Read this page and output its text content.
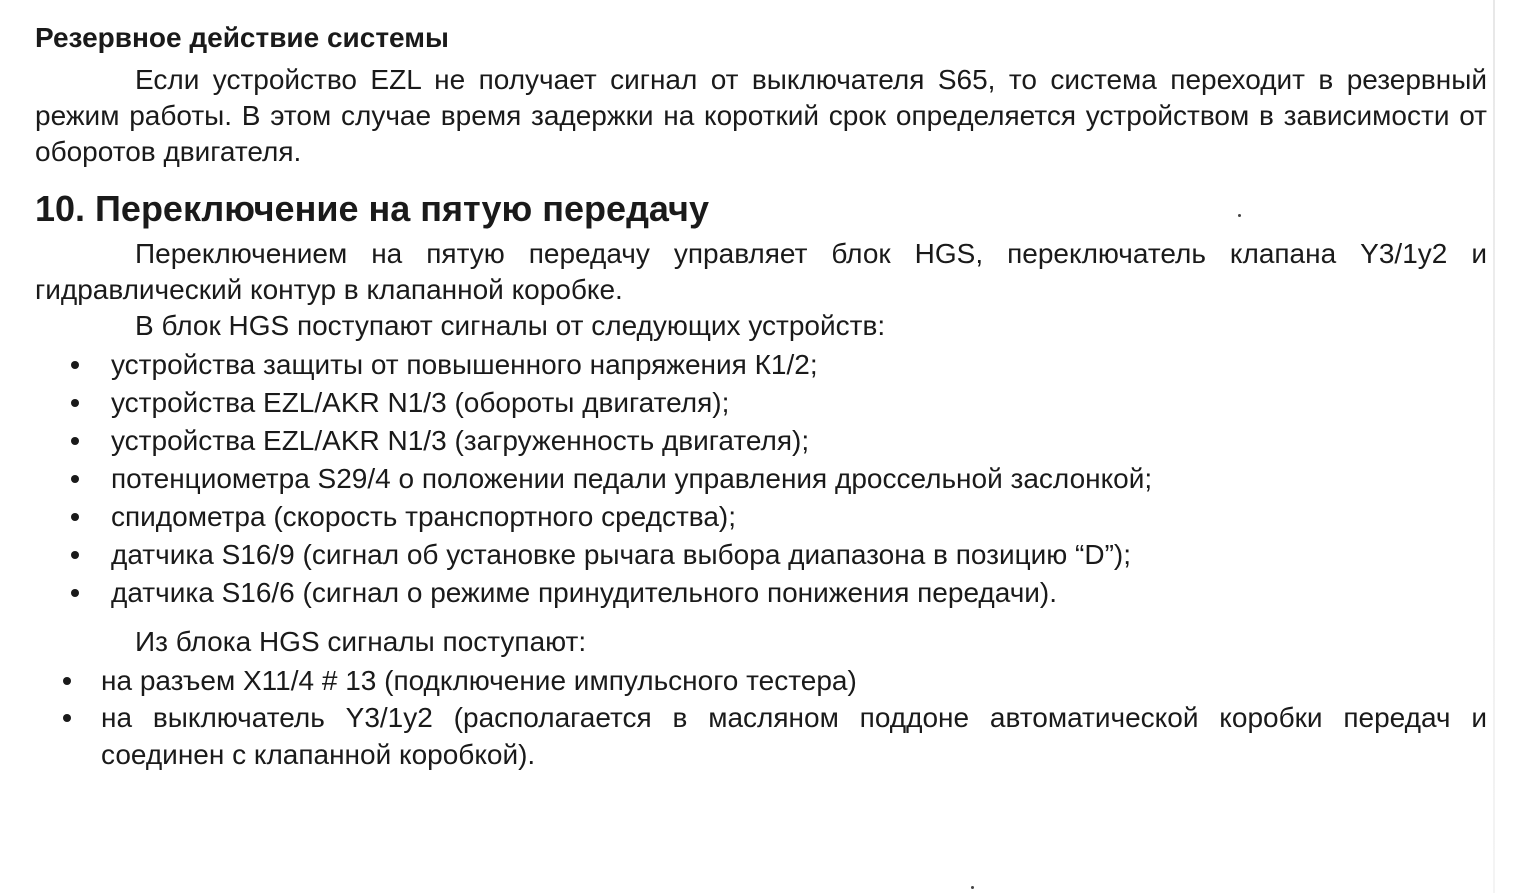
Резервное действие системы

Если устройство EZL не получает сигнал от выключателя S65, то система переходит в резервный режим работы. В этом случае время задержки на короткий срок определяется устройством в зависимости от оборотов двигателя.

10. Переключение на пятую передачу

Переключением на пятую передачу управляет блок HGS, переключатель клапана Y3/1y2 и гидравлический контур в клапанной коробке.

В блок HGS поступают сигналы от следующих устройств:

устройства защиты от повышенного напряжения К1/2;
устройства EZL/AKR N1/3 (обороты двигателя);
устройства EZL/AKR N1/3 (загруженность двигателя);
потенциометра S29/4 о положении педали управления дроссельной заслонкой;
спидометра (скорость транспортного средства);
датчика S16/9 (сигнал об установке рычага выбора диапазона в позицию “D”);
датчика S16/6 (сигнал о режиме принудительного понижения передачи).

Из блока HGS сигналы поступают:

на разъем X11/4 # 13 (подключение импульсного тестера)
на выключатель Y3/1y2 (располагается в масляном поддоне автоматической коробки передач и соединен с клапанной коробкой).
